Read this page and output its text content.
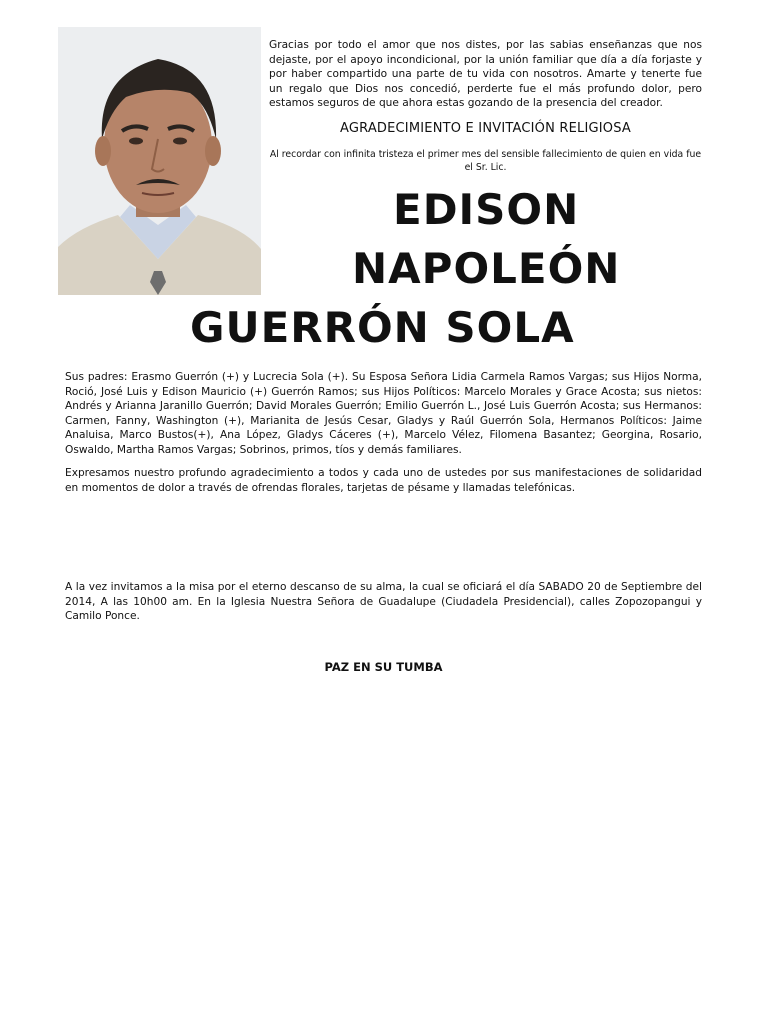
Gracias por todo el amor que nos distes, por las sabias enseñanzas que nos dejaste, por el apoyo incondicional, por la unión familiar que día a día forjaste y por haber compartido una parte de tu vida con nosotros. Amarte y tenerte fue un regalo que Dios nos concedió, perderte fue el más profundo dolor, pero estamos seguros de que ahora estas gozando de la presencia del creador.
AGRADECIMIENTO E INVITACIÓN RELIGIOSA
Al recordar con infinita tristeza el primer mes del sensible fallecimiento de quien en vida fue el Sr. Lic.
EDISON
NAPOLEÓN
GUERRÓN SOLA
Sus padres: Erasmo Guerrón (+) y Lucrecia Sola (+). Su Esposa Señora Lidia Carmela Ramos Vargas; sus Hijos Norma, Roció, José Luis y Edison Mauricio (+) Guerrón Ramos; sus Hijos Políticos: Marcelo Morales y Grace Acosta; sus nietos: Andrés y Arianna Jaranillo Guerrón; David Morales Guerrón; Emilio Guerrón L., José Luis Guerrón Acosta; sus Hermanos: Carmen, Fanny, Washington (+), Marianita de Jesús Cesar, Gladys y Raúl Guerrón Sola, Hermanos Políticos: Jaime Analuisa, Marco Bustos(+), Ana López, Gladys Cáceres (+), Marcelo Vélez, Filomena Basantez; Georgina, Rosario, Oswaldo, Martha Ramos Vargas; Sobrinos, primos, tíos y demás familiares.
Expresamos nuestro profundo agradecimiento a todos y cada uno de ustedes por sus manifestaciones de solidaridad en momentos de dolor a través de ofrendas florales, tarjetas de pésame y llamadas telefónicas.
A la vez invitamos a la misa por el eterno descanso de su alma, la cual se oficiará el día SABADO 20 de Septiembre del 2014, A las 10h00 am. En la Iglesia Nuestra Señora de Guadalupe (Ciudadela Presidencial), calles Zopozopangui y Camilo Ponce.
PAZ EN SU TUMBA
